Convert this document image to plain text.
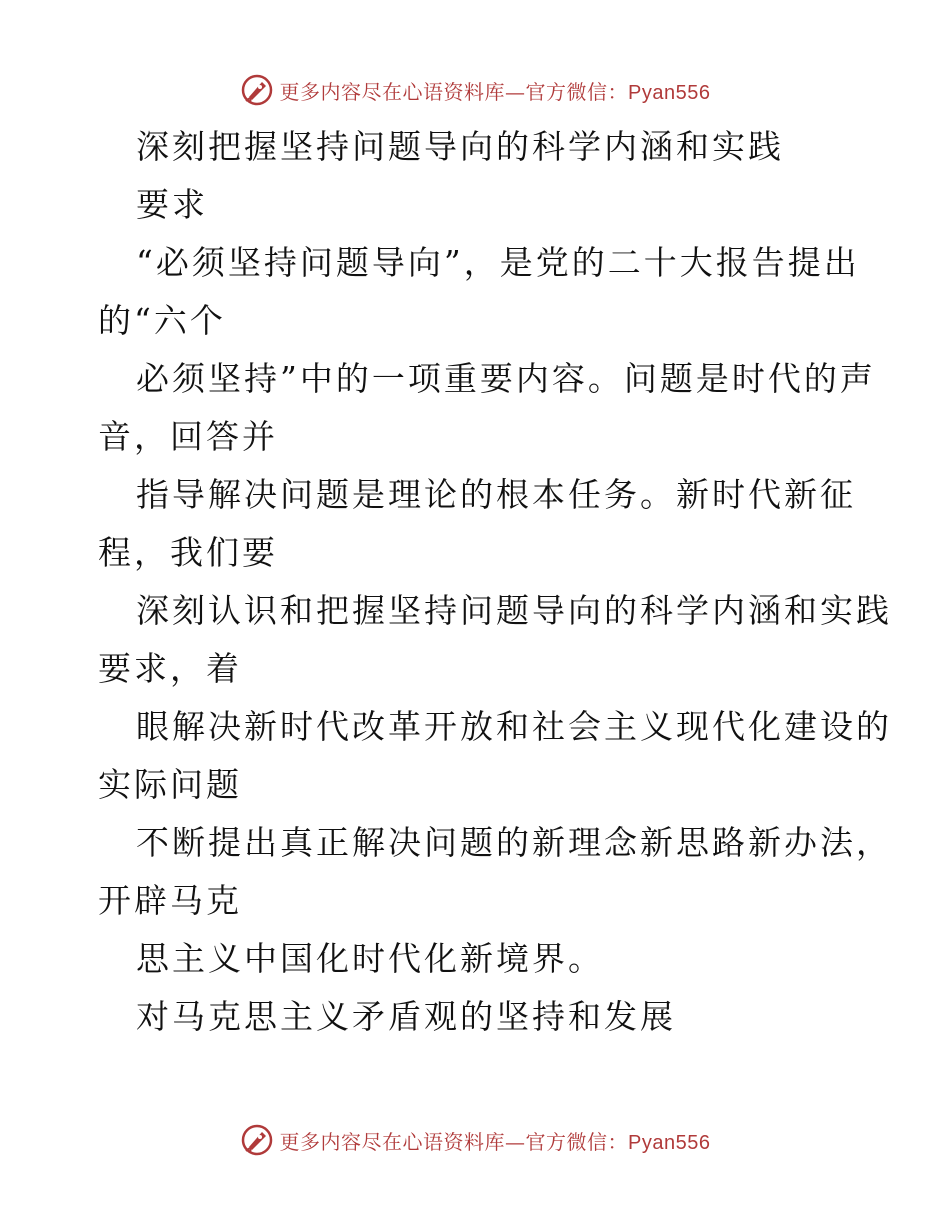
更多内容尽在心语资料库—官方微信：Pyan556
深刻把握坚持问题导向的科学内涵和实践
要求
“必须坚持问题导向”，是党的二十大报告提出
的“六个
必须坚持”中的一项重要内容。问题是时代的声
音，回答并
指导解决问题是理论的根本任务。新时代新征
程，我们要
深刻认识和把握坚持问题导向的科学内涵和实践
要求，着
眼解决新时代改革开放和社会主义现代化建设的
实际问题
不断提出真正解决问题的新理念新思路新办法，
开辟马克
思主义中国化时代化新境界。
对马克思主义矛盾观的坚持和发展
更多内容尽在心语资料库—官方微信：Pyan556
